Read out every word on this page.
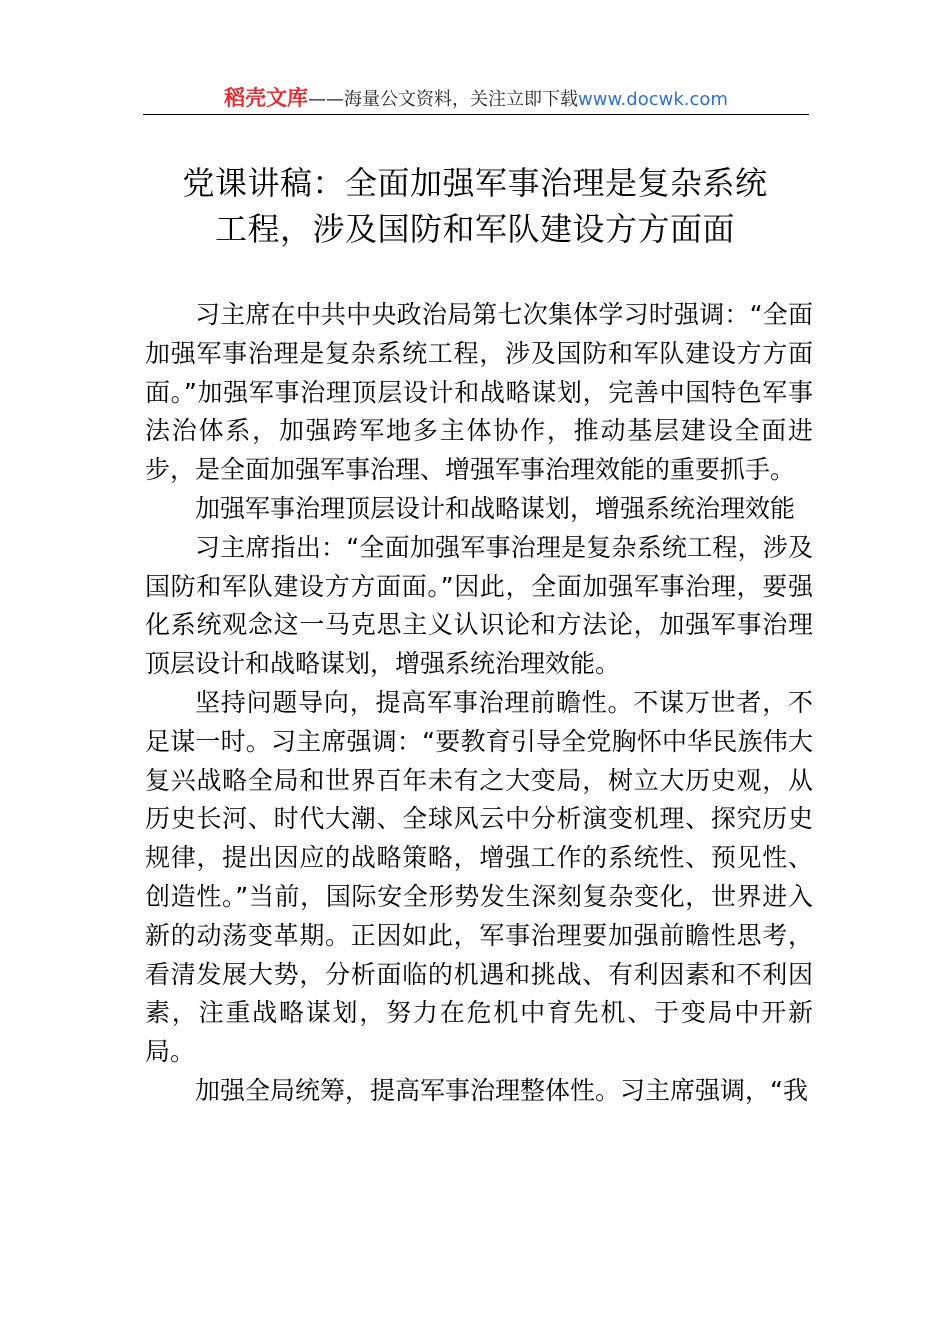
稻壳文库——海量公文资料，关注立即下载www.docwk.com
党课讲稿：全面加强军事治理是复杂系统
工程，涉及国防和军队建设方方面面

习主席在中共中央政治局第七次集体学习时强调：“全面加强军事治理是复杂系统工程，涉及国防和军队建设方方面面。”加强军事治理顶层设计和战略谋划，完善中国特色军事法治体系，加强跨军地多主体协作，推动基层建设全面进步，是全面加强军事治理、增强军事治理效能的重要抓手。

加强军事治理顶层设计和战略谋划，增强系统治理效能

习主席指出：“全面加强军事治理是复杂系统工程，涉及国防和军队建设方方面面。”因此，全面加强军事治理，要强化系统观念这一马克思主义认识论和方法论，加强军事治理顶层设计和战略谋划，增强系统治理效能。

坚持问题导向，提高军事治理前瞻性。不谋万世者，不足谋一时。习主席强调：“要教育引导全党胸怀中华民族伟大复兴战略全局和世界百年未有之大变局，树立大历史观，从历史长河、时代大潮、全球风云中分析演变机理、探究历史规律，提出因应的战略策略，增强工作的系统性、预见性、创造性。”当前，国际安全形势发生深刻复杂变化，世界进入新的动荡变革期。正因如此，军事治理要加强前瞻性思考，看清发展大势，分析面临的机遇和挑战、有利因素和不利因素，注重战略谋划，努力在危机中育先机、于变局中开新局。

加强全局统筹，提高军事治理整体性。习主席强调，“我
